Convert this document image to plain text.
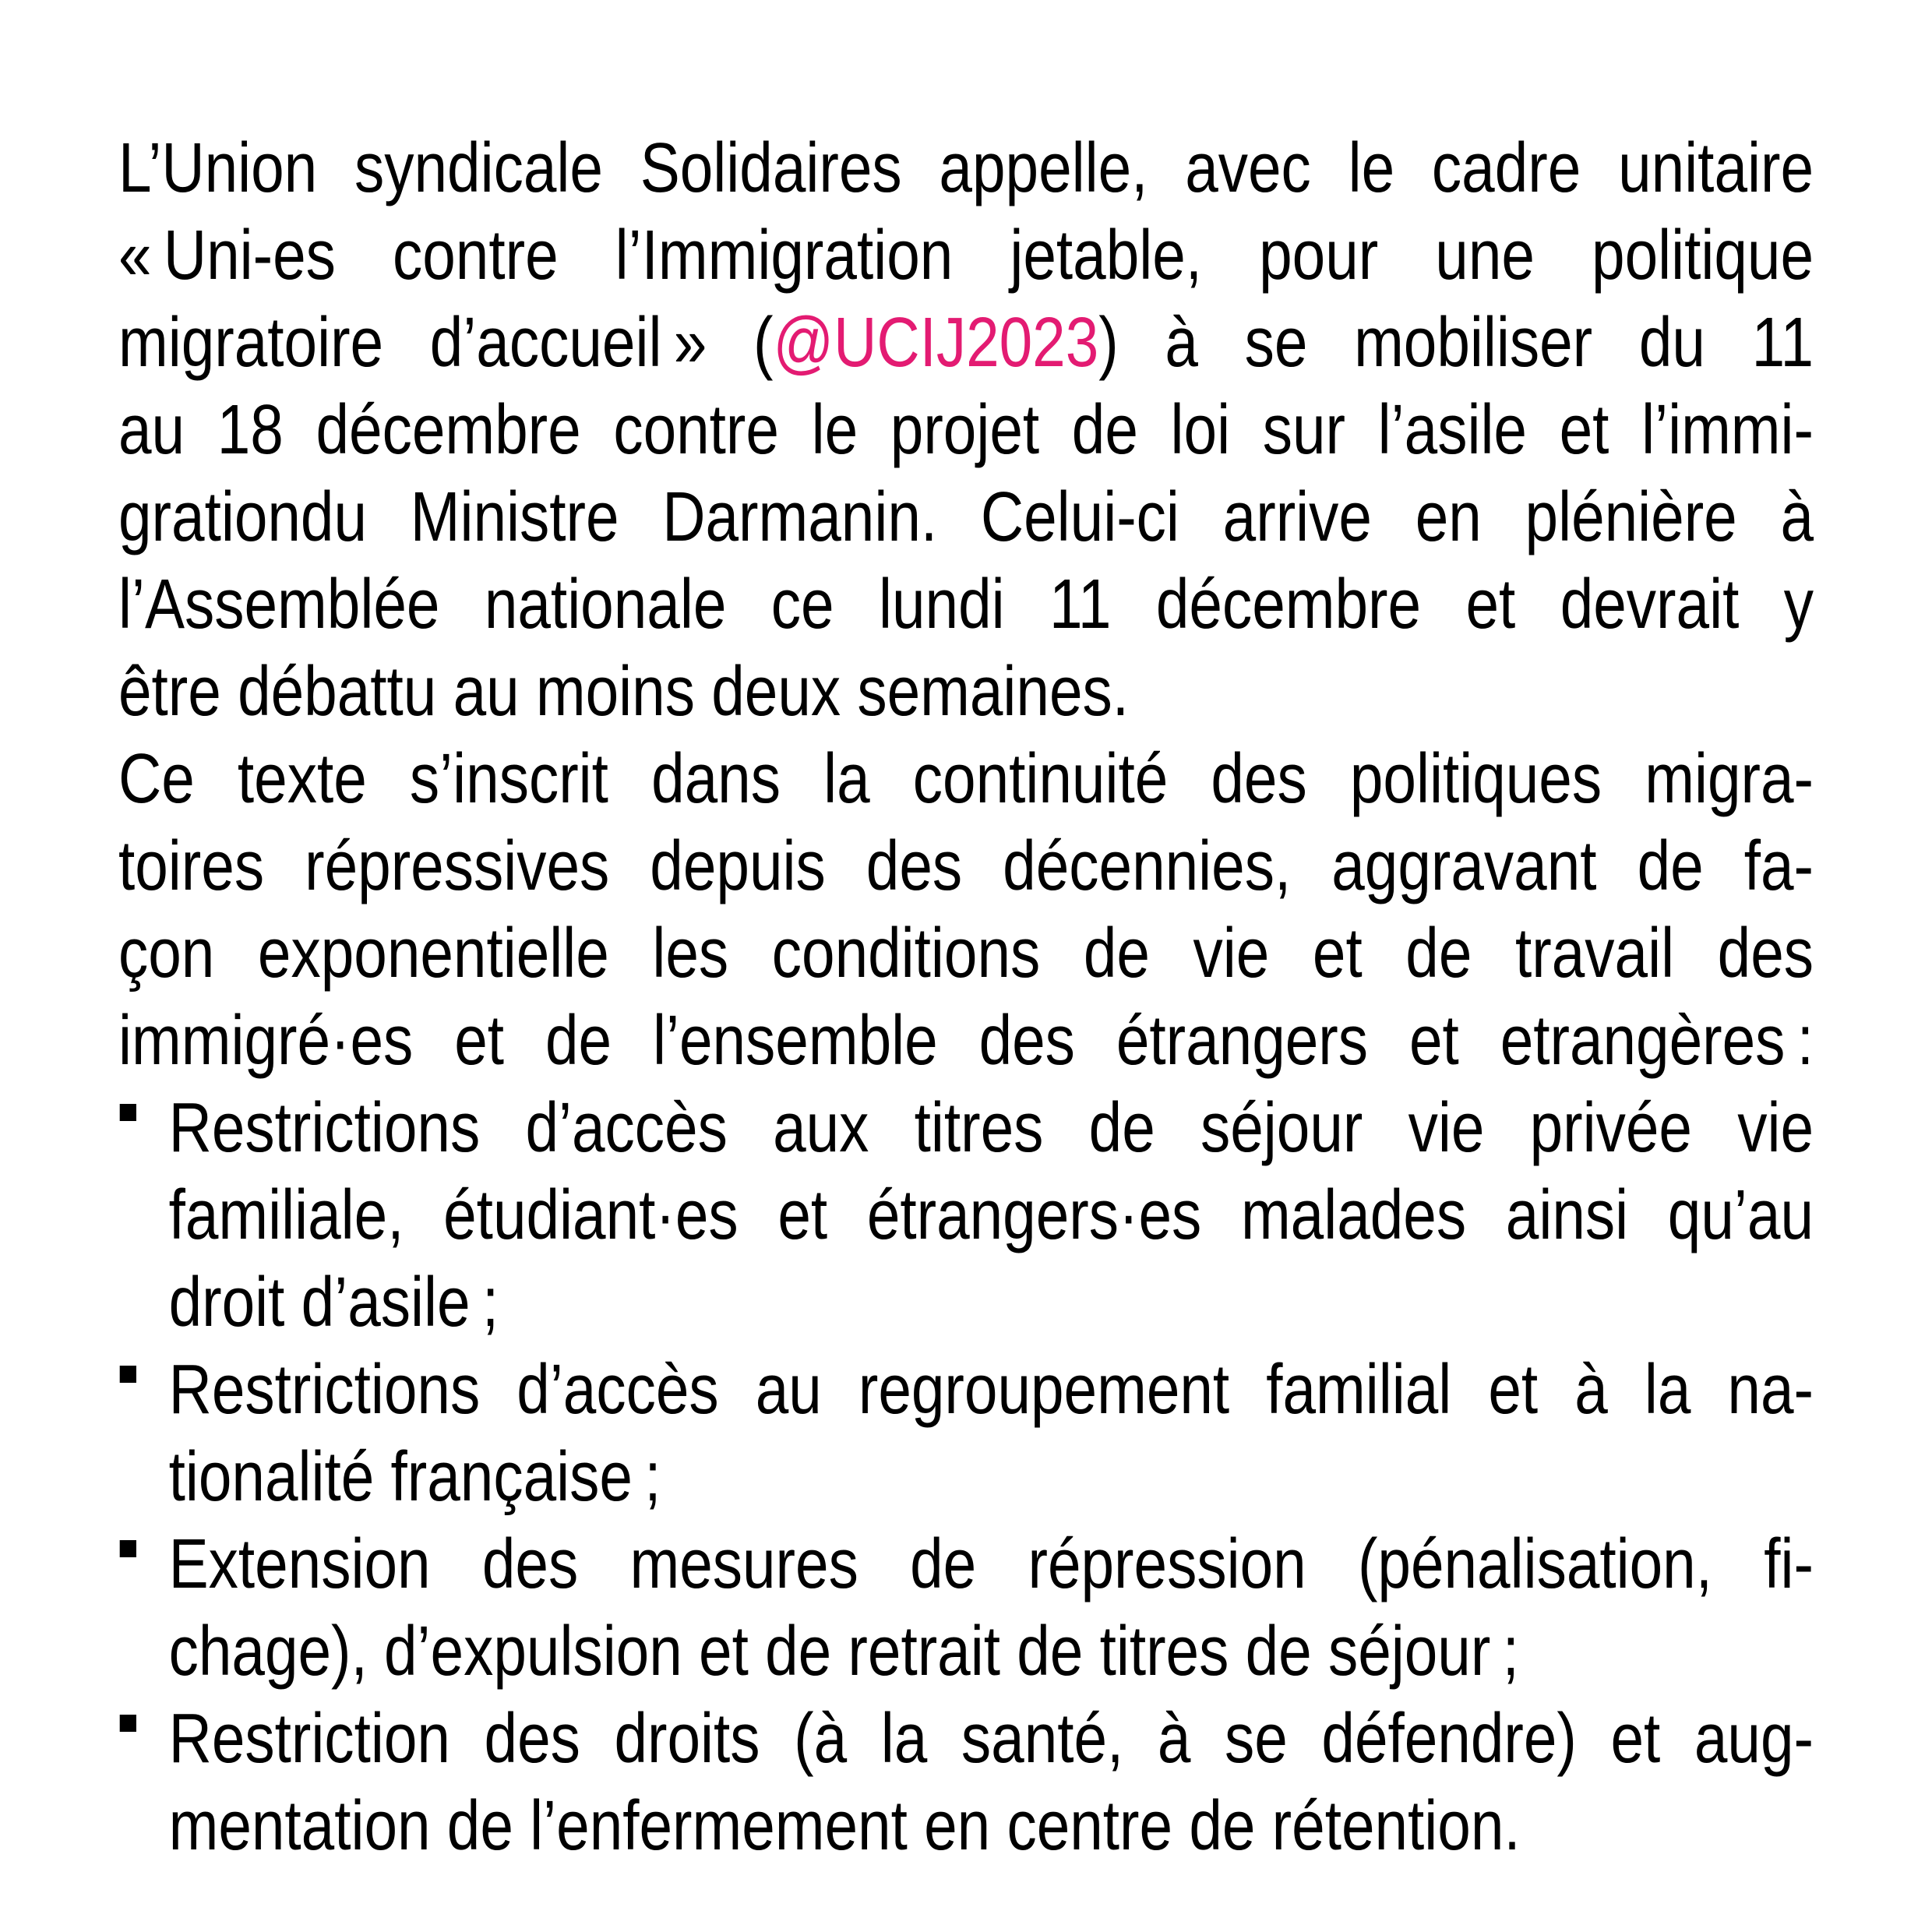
L’Union syndicale Solidaires appelle, avec le cadre unitaire
« Uni-es contre l’Immigration jetable, pour une politique
migratoire d’accueil » (@UCIJ2023) à se mobiliser du 11
au 18 décembre contre le projet de loi sur l’asile et l’immi-
grationdu Ministre Darmanin. Celui-ci arrive en plénière à
l’Assemblée nationale ce lundi 11 décembre et devrait y
être débattu au moins deux semaines.
Ce texte s’inscrit dans la continuité des politiques migra-
toires répressives depuis des décennies, aggravant de fa-
çon exponentielle les conditions de vie et de travail des
immigré·es et de l’ensemble des étrangers et etrangères :
Restrictions d’accès aux titres de séjour vie privée vie
familiale, étudiant·es et étrangers·es malades ainsi qu’au
droit d’asile ;
Restrictions d’accès au regroupement familial et à la na-
tionalité française ;
Extension des mesures de répression (pénalisation, fi-
chage), d’expulsion et de retrait de titres de séjour ;
Restriction des droits (à la santé, à se défendre) et aug-
mentation de l’enfermement en centre de rétention.
